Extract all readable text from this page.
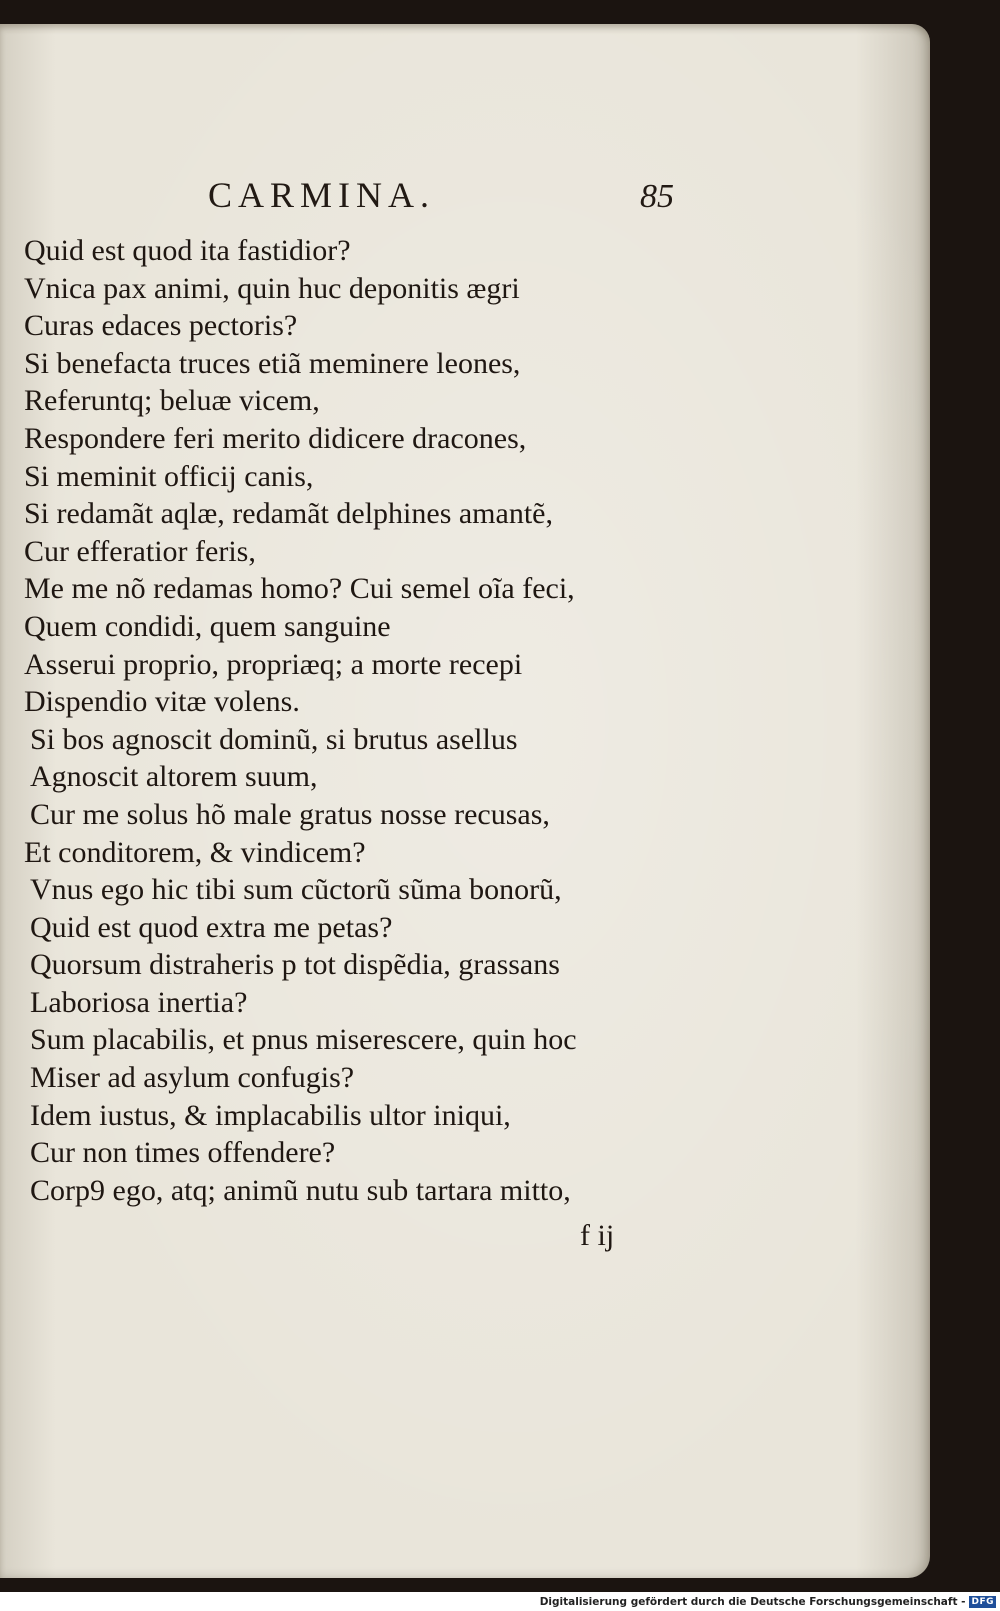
CARMINA.	85
Quid est quod ita fastidior?
Vnica pax animi, quin huc deponitis ægri
Curas edaces pectoris?
Si benefacta truces etiã meminere leones,
Referuntq; beluæ vicem,
Respondere feri merito didicere dracones,
Si meminit officij canis,
Si redamãt aqlæ, redamãt delphines amantẽ,
Cur efferatior feris,
Me me nõ redamas homo? Cui semel oĩa feci,
Quem condidi, quem sanguine
Asserui proprio, propriæq; a morte recepi
Dispendio vitæ volens.
Si bos agnoscit dominũ, si brutus asellus
Agnoscit altorem suum,
Cur me solus hõ male gratus nosse recusas,
Et conditorem, & vindicem?
Vnus ego hic tibi sum cũctorũ sũma bonorũ,
Quid est quod extra me petas?
Quorsum distraheris p tot dispẽdia, grassans
Laboriosa inertia?
Sum placabilis, et pnus miserescere, quin hoc
Miser ad asylum confugis?
Idem iustus, & implacabilis ultor iniqui,
Cur non times offendere?
Corp9 ego, atq; animũ nutu sub tartara mitto,
f ij
Digitalisierung gefördert durch die Deutsche Forschungsgemeinschaft - DFG
